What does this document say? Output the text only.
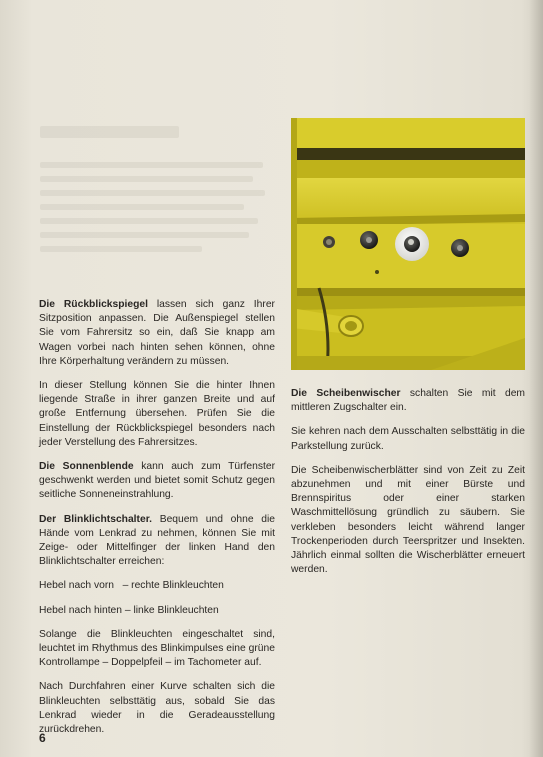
Die Rückblickspiegel lassen sich ganz Ihrer Sitzposition anpassen. Die Außenspiegel stellen Sie vom Fahrersitz so ein, daß Sie knapp am Wagen vorbei nach hinten sehen können, ohne Ihre Körperhaltung verändern zu müssen.

In dieser Stellung können Sie die hinter Ihnen liegende Straße in ihrer ganzen Breite und auf große Entfernung übersehen. Prüfen Sie die Einstellung der Rückblickspiegel besonders nach jeder Verstellung des Fahrersitzes.

Die Sonnenblende kann auch zum Türfenster geschwenkt werden und bietet somit Schutz gegen seitliche Sonneneinstrahlung.

Der Blinklichtschalter. Bequem und ohne die Hände vom Lenkrad zu nehmen, können Sie mit Zeige- oder Mittelfinger der linken Hand den Blinklichtschalter erreichen:

Hebel nach vorn   – rechte Blinkleuchten

Hebel nach hinten – linke Blinkleuchten

Solange die Blinkleuchten eingeschaltet sind, leuchtet im Rhythmus des Blinkimpulses eine grüne Kontrollampe – Doppelpfeil – im Tachometer auf.

Nach Durchfahren einer Kurve schalten sich die Blinkleuchten selbsttätig aus, sobald Sie das Lenkrad wieder in die Geradeausstellung zurückdrehen.

Die Scheibenwischer schalten Sie mit dem mittleren Zugschalter ein.

Sie kehren nach dem Ausschalten selbsttätig in die Parkstellung zurück.

Die Scheibenwischerblätter sind von Zeit zu Zeit abzunehmen und mit einer Bürste und Brennspiritus oder einer starken Waschmittellösung gründlich zu säubern. Sie verkleben besonders leicht während langer Trockenperioden durch Teerspritzer und Insekten. Jährlich einmal sollten die Wischerblätter erneuert werden.

6
